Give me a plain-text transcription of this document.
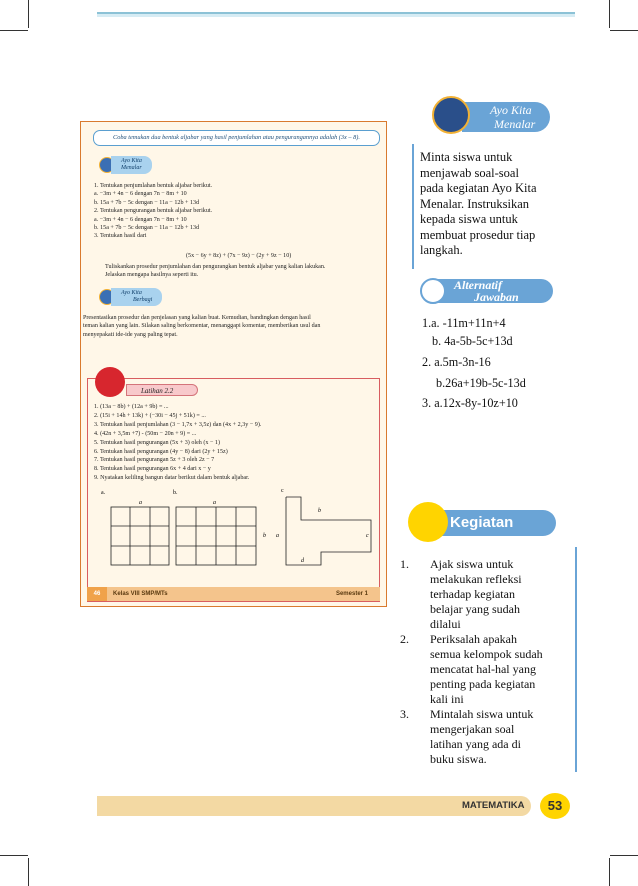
Coba temukan dua bentuk aljabar yang hasil penjumlahan atau pengurangannya adalah (3x – 8).
Ayo Kita
Menalar
1. Tentukan penjumlahan bentuk aljabar berikut.
a. −3m + 4n − 6 dengan 7n − 8m + 10
b. 15a + 7b − 5c dengan − 11a − 12b + 13d
2. Tentukan pengurangan bentuk aljabar berikut.
a. −3m + 4n − 6 dengan 7n − 8m + 10
b. 15a + 7b − 5c dengan − 11a − 12b + 13d
3. Tentukan hasil dari
(5x − 6y + 8z) + (7x − 9z) − (2y + 9z − 10)
Tuliskankan prosedur penjumlahan dan pengurangkan bentuk aljabar yang kalian lakukan.
Jelaskan mengapa hasilnya seperti itu.
Ayo Kita
Berbagi
Presentasikan prosedur dan penjelasan yang kalian buat. Kemudian, bandingkan dengan hasil
teman kalian yang lain. Silakan saling berkomentar, menanggapi komentar, memberikan usul dan
menyepakati ide-ide yang paling tepat.
Latihan 2.2
1. (13a − 8b) + (12a + 9b) = ...
2. (15i + 14h + 13k) + (−30i − 45j + 51k) = ...
3. Tentukan hasil penjumlahan (3 − 1,7x + 3,5z) dan (4x + 2,3y − 9).
4. (42n + 3,5m +7) - (50m − 20n + 9) = ...
5. Tentukan hasil pengurangan (5x + 3) oleh (x − 1)
6. Tentukan hasil pengurangan (4y − 8) dari (2y + 15z)
7. Tentukan hasil pengurangan 5z + 3 oleh 2z − 7
8. Tentukan hasil pengurangan 6x + 4 dari x − y
9. Nyatakan keliling bangun datar berikut dalam bentuk aljabar.
a.
a
b.
a
c
b
c
b a
d
46	Kelas VIII SMP/MTs	Semester 1
Ayo Kita
Menalar
Minta siswa untuk
menjawab soal-soal
pada kegiatan Ayo Kita
Menalar. Instruksikan
kepada siswa untuk
membuat prosedur tiap
langkah.
Alternatif
Jawaban
1.a. -11m+11n+4
b. 4a-5b-5c+13d
2. a.5m-3n-16
b.26a+19b-5c-13d
3. a.12x-8y-10z+10
Kegiatan
1.	Ajak siswa untuk
melakukan refleksi
terhadap kegiatan
belajar yang sudah
dilalui
2.	Periksalah apakah
semua kelompok sudah
mencatat hal-hal yang
penting pada kegiatan
kali ini
3.	Mintalah siswa untuk
mengerjakan soal
latihan yang ada di
buku siswa.
MATEMATIKA	53
